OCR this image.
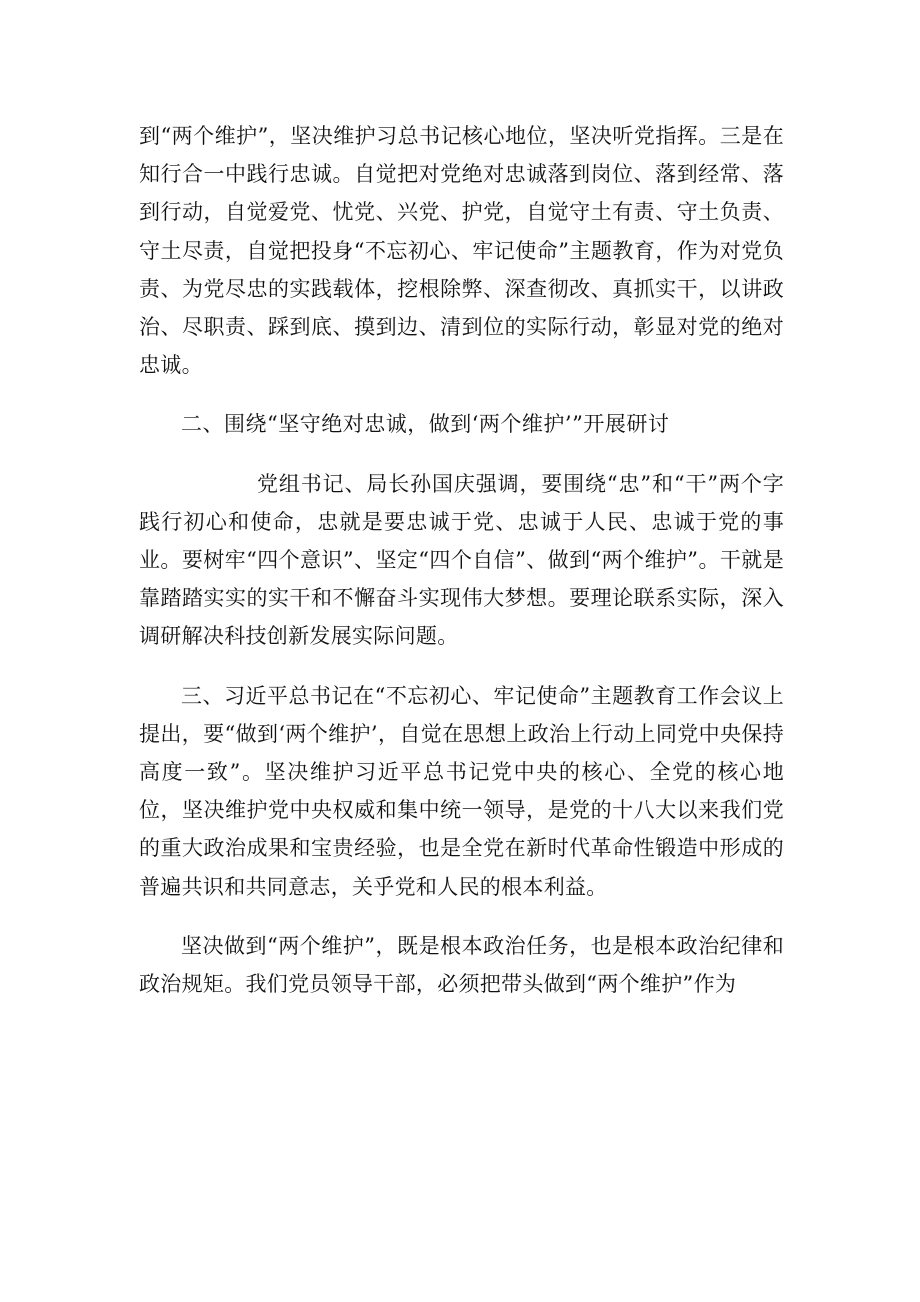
到“两个维护”，坚决维护习总书记核心地位，坚决听党指挥。三是在知行合一中践行忠诚。自觉把对党绝对忠诚落到岗位、落到经常、落到行动，自觉爱党、忧党、兴党、护党，自觉守土有责、守土负责、守土尽责，自觉把投身“不忘初心、牢记使命”主题教育，作为对党负责、为党尽忠的实践载体，挖根除弊、深查彻改、真抓实干，以讲政治、尽职责、踩到底、摸到边、清到位的实际行动，彰显对党的绝对忠诚。

二、围绕“坚守绝对忠诚，做到‘两个维护’”开展研讨

党组书记、局长孙国庆强调，要围绕“忠”和“干”两个字践行初心和使命，忠就是要忠诚于党、忠诚于人民、忠诚于党的事业。要树牢“四个意识”、坚定“四个自信”、做到“两个维护”。干就是靠踏踏实实的实干和不懈奋斗实现伟大梦想。要理论联系实际，深入调研解决科技创新发展实际问题。

三、习近平总书记在“不忘初心、牢记使命”主题教育工作会议上提出，要“做到‘两个维护’，自觉在思想上政治上行动上同党中央保持高度一致”。坚决维护习近平总书记党中央的核心、全党的核心地位，坚决维护党中央权威和集中统一领导，是党的十八大以来我们党的重大政治成果和宝贵经验，也是全党在新时代革命性锻造中形成的普遍共识和共同意志，关乎党和人民的根本利益。

坚决做到“两个维护”，既是根本政治任务，也是根本政治纪律和政治规矩。我们党员领导干部，必须把带头做到“两个维护”作为
